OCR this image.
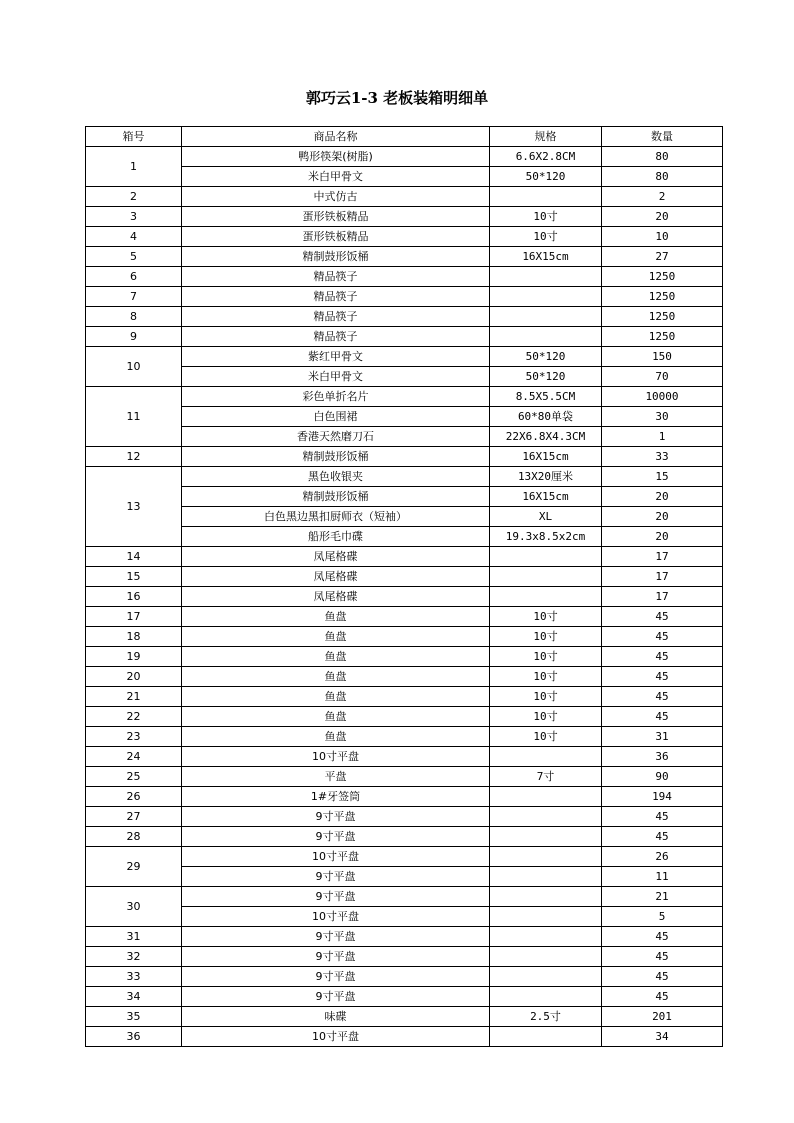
郭巧云1-3 老板装箱明细单
箱号	商品名称	规格	数量
1	鸭形筷架(树脂)	6.6X2.8CM	80
	米白甲骨文	50*120	80
2	中式仿古		2
3	蛋形铁板精品	10寸	20
4	蛋形铁板精品	10寸	10
5	精制鼓形饭桶	16X15cm	27
6	精品筷子		1250
7	精品筷子		1250
8	精品筷子		1250
9	精品筷子		1250
10	紫红甲骨文	50*120	150
	米白甲骨文	50*120	70
11	彩色单折名片	8.5X5.5CM	10000
	白色围裙	60*80单袋	30
	香港天然磨刀石	22X6.8X4.3CM	1
12	精制鼓形饭桶	16X15cm	33
13	黑色收银夹	13X20厘米	15
	精制鼓形饭桶	16X15cm	20
	白色黑边黑扣厨师衣（短袖）	XL	20
	船形毛巾碟	19.3x8.5x2cm	20
14	凤尾格碟		17
15	凤尾格碟		17
16	凤尾格碟		17
17	鱼盘	10寸	45
18	鱼盘	10寸	45
19	鱼盘	10寸	45
20	鱼盘	10寸	45
21	鱼盘	10寸	45
22	鱼盘	10寸	45
23	鱼盘	10寸	31
24	10寸平盘		36
25	平盘	7寸	90
26	1#牙签筒		194
27	9寸平盘		45
28	9寸平盘		45
29	10寸平盘		26
	9寸平盘		11
30	9寸平盘		21
	10寸平盘		5
31	9寸平盘		45
32	9寸平盘		45
33	9寸平盘		45
34	9寸平盘		45
35	味碟	2.5寸	201
36	10寸平盘		34
